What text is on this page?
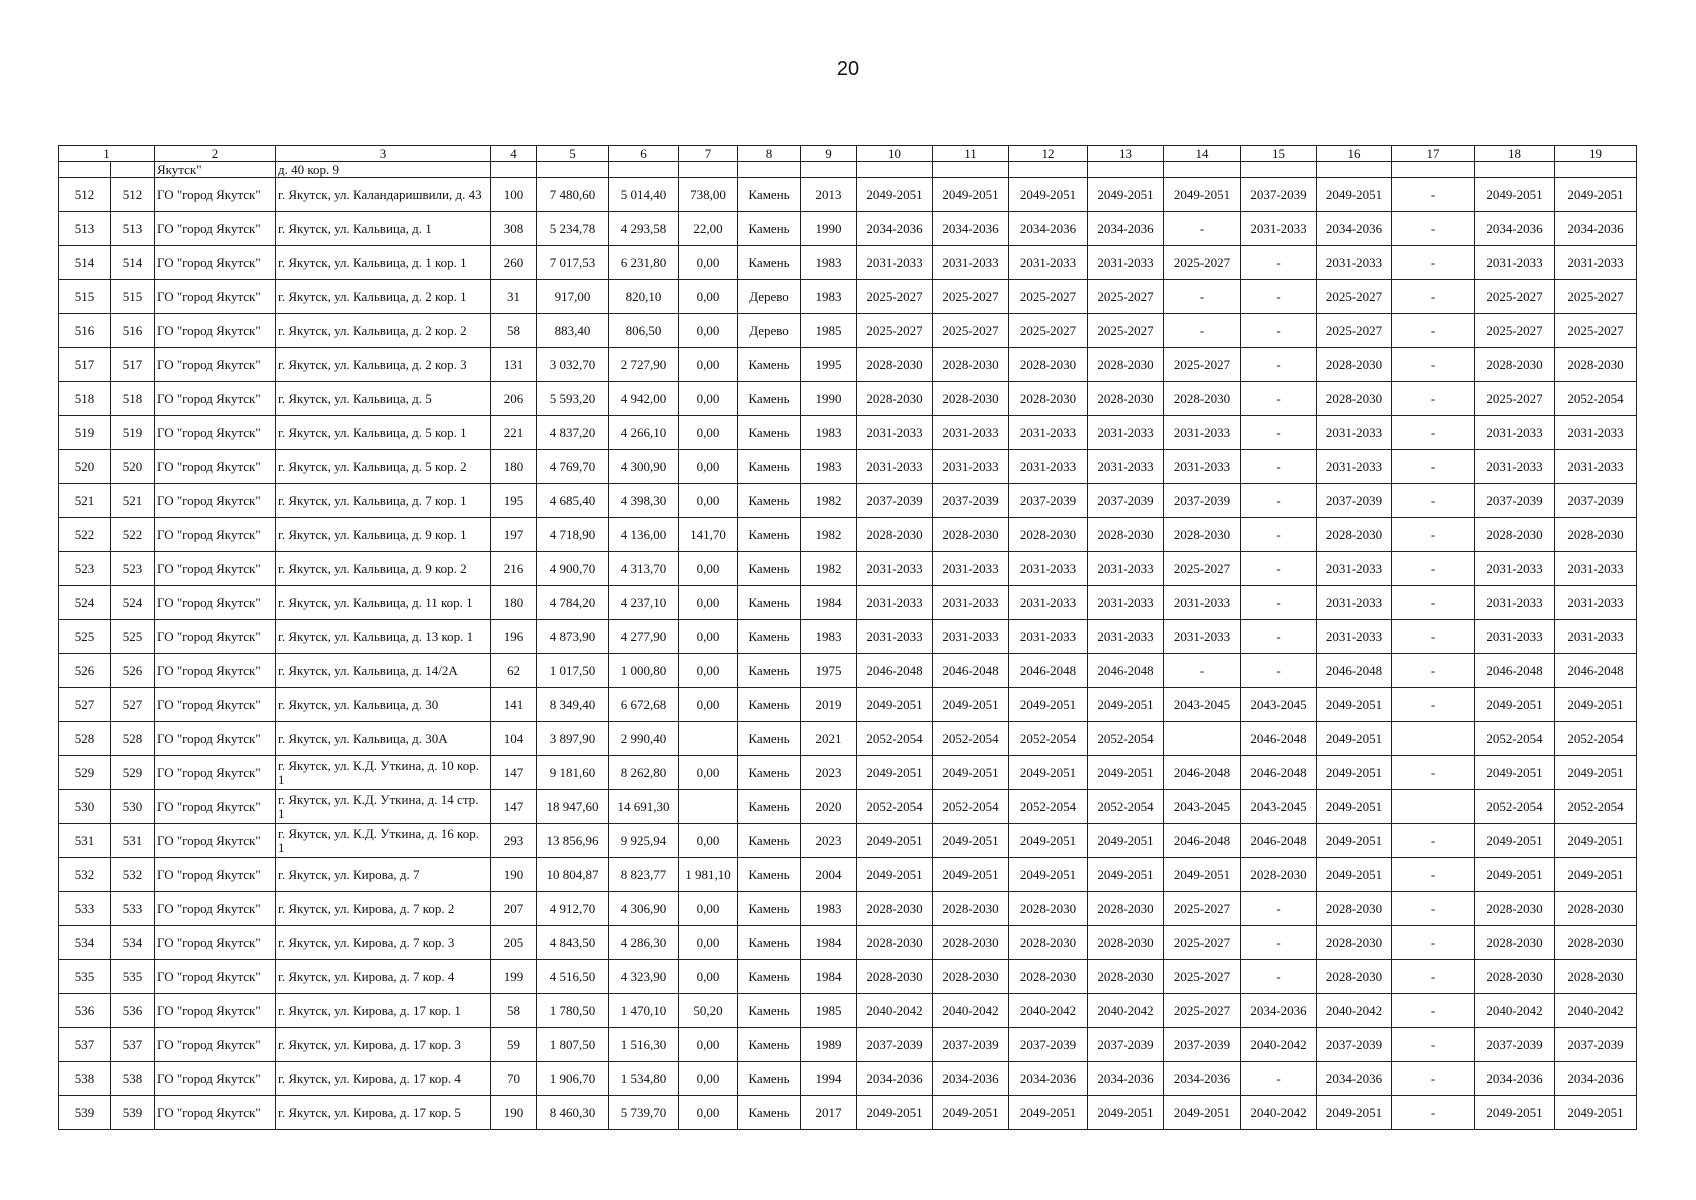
20
1		2	3	4	5	6	7	8	9	10	11	12	13	14	15	16	17	18	19
		Якутск"	д. 40 кор. 9																
512	512	ГО "город Якутск"	г. Якутск, ул. Каландаришвили, д. 43	100	7 480,60	5 014,40	738,00	Камень	2013	2049-2051	2049-2051	2049-2051	2049-2051	2049-2051	2037-2039	2049-2051	-	2049-2051	2049-2051
513	513	ГО "город Якутск"	г. Якутск, ул. Кальвица, д. 1	308	5 234,78	4 293,58	22,00	Камень	1990	2034-2036	2034-2036	2034-2036	2034-2036	-	2031-2033	2034-2036	-	2034-2036	2034-2036
514	514	ГО "город Якутск"	г. Якутск, ул. Кальвица, д. 1 кор. 1	260	7 017,53	6 231,80	0,00	Камень	1983	2031-2033	2031-2033	2031-2033	2031-2033	2025-2027	-	2031-2033	-	2031-2033	2031-2033
515	515	ГО "город Якутск"	г. Якутск, ул. Кальвица, д. 2 кор. 1	31	917,00	820,10	0,00	Дерево	1983	2025-2027	2025-2027	2025-2027	2025-2027	-	-	2025-2027	-	2025-2027	2025-2027
516	516	ГО "город Якутск"	г. Якутск, ул. Кальвица, д. 2 кор. 2	58	883,40	806,50	0,00	Дерево	1985	2025-2027	2025-2027	2025-2027	2025-2027	-	-	2025-2027	-	2025-2027	2025-2027
517	517	ГО "город Якутск"	г. Якутск, ул. Кальвица, д. 2 кор. 3	131	3 032,70	2 727,90	0,00	Камень	1995	2028-2030	2028-2030	2028-2030	2028-2030	2025-2027	-	2028-2030	-	2028-2030	2028-2030
518	518	ГО "город Якутск"	г. Якутск, ул. Кальвица, д. 5	206	5 593,20	4 942,00	0,00	Камень	1990	2028-2030	2028-2030	2028-2030	2028-2030	2028-2030	-	2028-2030	-	2025-2027	2052-2054
519	519	ГО "город Якутск"	г. Якутск, ул. Кальвица, д. 5 кор. 1	221	4 837,20	4 266,10	0,00	Камень	1983	2031-2033	2031-2033	2031-2033	2031-2033	2031-2033	-	2031-2033	-	2031-2033	2031-2033
520	520	ГО "город Якутск"	г. Якутск, ул. Кальвица, д. 5 кор. 2	180	4 769,70	4 300,90	0,00	Камень	1983	2031-2033	2031-2033	2031-2033	2031-2033	2031-2033	-	2031-2033	-	2031-2033	2031-2033
521	521	ГО "город Якутск"	г. Якутск, ул. Кальвица, д. 7 кор. 1	195	4 685,40	4 398,30	0,00	Камень	1982	2037-2039	2037-2039	2037-2039	2037-2039	2037-2039	-	2037-2039	-	2037-2039	2037-2039
522	522	ГО "город Якутск"	г. Якутск, ул. Кальвица, д. 9 кор. 1	197	4 718,90	4 136,00	141,70	Камень	1982	2028-2030	2028-2030	2028-2030	2028-2030	2028-2030	-	2028-2030	-	2028-2030	2028-2030
523	523	ГО "город Якутск"	г. Якутск, ул. Кальвица, д. 9 кор. 2	216	4 900,70	4 313,70	0,00	Камень	1982	2031-2033	2031-2033	2031-2033	2031-2033	2025-2027	-	2031-2033	-	2031-2033	2031-2033
524	524	ГО "город Якутск"	г. Якутск, ул. Кальвица, д. 11 кор. 1	180	4 784,20	4 237,10	0,00	Камень	1984	2031-2033	2031-2033	2031-2033	2031-2033	2031-2033	-	2031-2033	-	2031-2033	2031-2033
525	525	ГО "город Якутск"	г. Якутск, ул. Кальвица, д. 13 кор. 1	196	4 873,90	4 277,90	0,00	Камень	1983	2031-2033	2031-2033	2031-2033	2031-2033	2031-2033	-	2031-2033	-	2031-2033	2031-2033
526	526	ГО "город Якутск"	г. Якутск, ул. Кальвица, д. 14/2А	62	1 017,50	1 000,80	0,00	Камень	1975	2046-2048	2046-2048	2046-2048	2046-2048	-	-	2046-2048	-	2046-2048	2046-2048
527	527	ГО "город Якутск"	г. Якутск, ул. Кальвица, д. 30	141	8 349,40	6 672,68	0,00	Камень	2019	2049-2051	2049-2051	2049-2051	2049-2051	2043-2045	2043-2045	2049-2051	-	2049-2051	2049-2051
528	528	ГО "город Якутск"	г. Якутск, ул. Кальвица, д. 30А	104	3 897,90	2 990,40		Камень	2021	2052-2054	2052-2054	2052-2054	2052-2054		2046-2048	2049-2051		2052-2054	2052-2054
529	529	ГО "город Якутск"	г. Якутск, ул. К.Д. Уткина, д. 10 кор. 1	147	9 181,60	8 262,80	0,00	Камень	2023	2049-2051	2049-2051	2049-2051	2049-2051	2046-2048	2046-2048	2049-2051	-	2049-2051	2049-2051
530	530	ГО "город Якутск"	г. Якутск, ул. К.Д. Уткина, д. 14 стр. 1	147	18 947,60	14 691,30		Камень	2020	2052-2054	2052-2054	2052-2054	2052-2054	2043-2045	2043-2045	2049-2051		2052-2054	2052-2054
531	531	ГО "город Якутск"	г. Якутск, ул. К.Д. Уткина, д. 16 кор. 1	293	13 856,96	9 925,94	0,00	Камень	2023	2049-2051	2049-2051	2049-2051	2049-2051	2046-2048	2046-2048	2049-2051	-	2049-2051	2049-2051
532	532	ГО "город Якутск"	г. Якутск, ул. Кирова, д. 7	190	10 804,87	8 823,77	1 981,10	Камень	2004	2049-2051	2049-2051	2049-2051	2049-2051	2049-2051	2028-2030	2049-2051	-	2049-2051	2049-2051
533	533	ГО "город Якутск"	г. Якутск, ул. Кирова, д. 7 кор. 2	207	4 912,70	4 306,90	0,00	Камень	1983	2028-2030	2028-2030	2028-2030	2028-2030	2025-2027	-	2028-2030	-	2028-2030	2028-2030
534	534	ГО "город Якутск"	г. Якутск, ул. Кирова, д. 7 кор. 3	205	4 843,50	4 286,30	0,00	Камень	1984	2028-2030	2028-2030	2028-2030	2028-2030	2025-2027	-	2028-2030	-	2028-2030	2028-2030
535	535	ГО "город Якутск"	г. Якутск, ул. Кирова, д. 7 кор. 4	199	4 516,50	4 323,90	0,00	Камень	1984	2028-2030	2028-2030	2028-2030	2028-2030	2025-2027	-	2028-2030	-	2028-2030	2028-2030
536	536	ГО "город Якутск"	г. Якутск, ул. Кирова, д. 17 кор. 1	58	1 780,50	1 470,10	50,20	Камень	1985	2040-2042	2040-2042	2040-2042	2040-2042	2025-2027	2034-2036	2040-2042	-	2040-2042	2040-2042
537	537	ГО "город Якутск"	г. Якутск, ул. Кирова, д. 17 кор. 3	59	1 807,50	1 516,30	0,00	Камень	1989	2037-2039	2037-2039	2037-2039	2037-2039	2037-2039	2040-2042	2037-2039	-	2037-2039	2037-2039
538	538	ГО "город Якутск"	г. Якутск, ул. Кирова, д. 17 кор. 4	70	1 906,70	1 534,80	0,00	Камень	1994	2034-2036	2034-2036	2034-2036	2034-2036	2034-2036	-	2034-2036	-	2034-2036	2034-2036
539	539	ГО "город Якутск"	г. Якутск, ул. Кирова, д. 17 кор. 5	190	8 460,30	5 739,70	0,00	Камень	2017	2049-2051	2049-2051	2049-2051	2049-2051	2049-2051	2040-2042	2049-2051	-	2049-2051	2049-2051
